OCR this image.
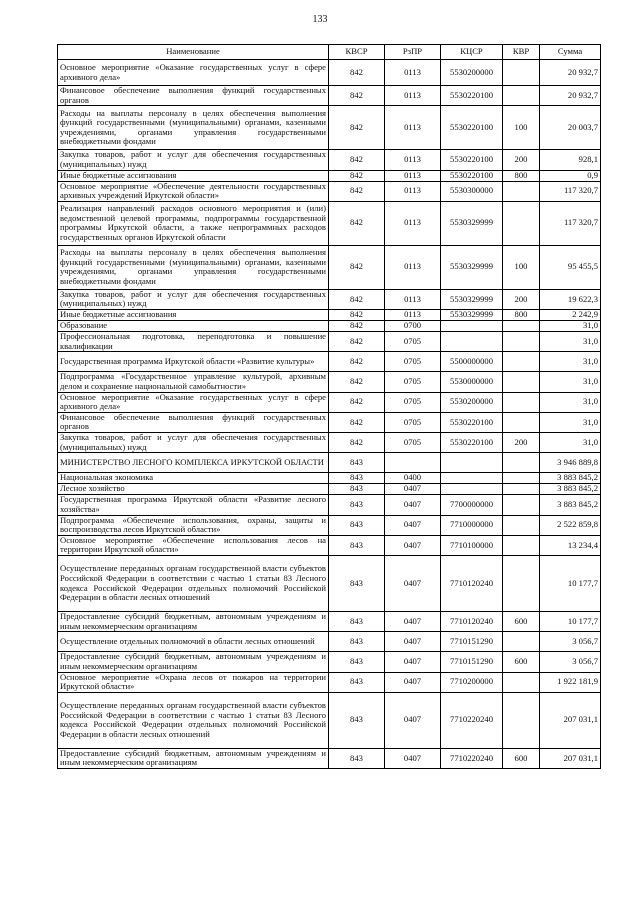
133
Наименование	КВСР	РзПР	КЦСР	КВР	Сумма
Основное мероприятие «Оказание государственных услуг в сфере архивного дела»	842	0113	5530200000		20 932,7
Финансовое обеспечение выполнения функций государственных органов	842	0113	5530220100		20 932,7
Расходы на выплаты персоналу в целях обеспечения выполнения функций государственными (муниципальными) органами, казенными учреждениями, органами управления государственными внебюджетными фондами	842	0113	5530220100	100	20 003,7
Закупка товаров, работ и услуг для обеспечения государственных (муниципальных) нужд	842	0113	5530220100	200	928,1
Иные бюджетные ассигнования	842	0113	5530220100	800	0,9
Основное мероприятие «Обеспечение деятельности государственных архивных учреждений Иркутской области»	842	0113	5530300000		117 320,7
Реализация направлений расходов основного мероприятия и (или) ведомственной целевой программы, подпрограммы государственной программы Иркутской области, а также непрограммных расходов государственных органов Иркутской области	842	0113	5530329999		117 320,7
Расходы на выплаты персоналу в целях обеспечения выполнения функций государственными (муниципальными) органами, казенными учреждениями, органами управления государственными внебюджетными фондами	842	0113	5530329999	100	95 455,5
Закупка товаров, работ и услуг для обеспечения государственных (муниципальных) нужд	842	0113	5530329999	200	19 622,3
Иные бюджетные ассигнования	842	0113	5530329999	800	2 242,9
Образование	842	0700			31,0
Профессиональная подготовка, переподготовка и повышение квалификации	842	0705			31,0
Государственная программа Иркутской области «Развитие культуры»	842	0705	5500000000		31,0
Подпрограмма «Государственное управление культурой, архивным делом и сохранение национальной самобытности»	842	0705	5530000000		31,0
Основное мероприятие «Оказание государственных услуг в сфере архивного дела»	842	0705	5530200000		31,0
Финансовое обеспечение выполнения функций государственных органов	842	0705	5530220100		31,0
Закупка товаров, работ и услуг для обеспечения государственных (муниципальных) нужд	842	0705	5530220100	200	31,0
МИНИСТЕРСТВО ЛЕСНОГО КОМПЛЕКСА ИРКУТСКОЙ ОБЛАСТИ	843				3 946 889,8
Национальная экономика	843	0400			3 883 845,2
Лесное хозяйство	843	0407			3 883 845,2
Государственная программа Иркутской области «Развитие лесного хозяйства»	843	0407	7700000000		3 883 845,2
Подпрограмма «Обеспечение использования, охраны, защиты и воспроизводства лесов Иркутской области»	843	0407	7710000000		2 522 859,8
Основное мероприятие «Обеспечение использования лесов на территории Иркутской области»	843	0407	7710100000		13 234,4
Осуществление переданных органам государственной власти субъектов Российской Федерации в соответствии с частью 1 статьи 83 Лесного кодекса Российской Федерации отдельных полномочий Российской Федерации в области лесных отношений	843	0407	7710120240		10 177,7
Предоставление субсидий бюджетным, автономным учреждениям и иным некоммерческим организациям	843	0407	7710120240	600	10 177,7
Осуществление отдельных полномочий в области лесных отношений	843	0407	7710151290		3 056,7
Предоставление субсидий бюджетным, автономным учреждениям и иным некоммерческим организациям	843	0407	7710151290	600	3 056,7
Основное мероприятие «Охрана лесов от пожаров на территории Иркутской области»	843	0407	7710200000		1 922 181,9
Осуществление переданных органам государственной власти субъектов Российской Федерации в соответствии с частью 1 статьи 83 Лесного кодекса Российской Федерации отдельных полномочий Российской Федерации в области лесных отношений	843	0407	7710220240		207 031,1
Предоставление субсидий бюджетным, автономным учреждениям и иным некоммерческим организациям	843	0407	7710220240	600	207 031,1
